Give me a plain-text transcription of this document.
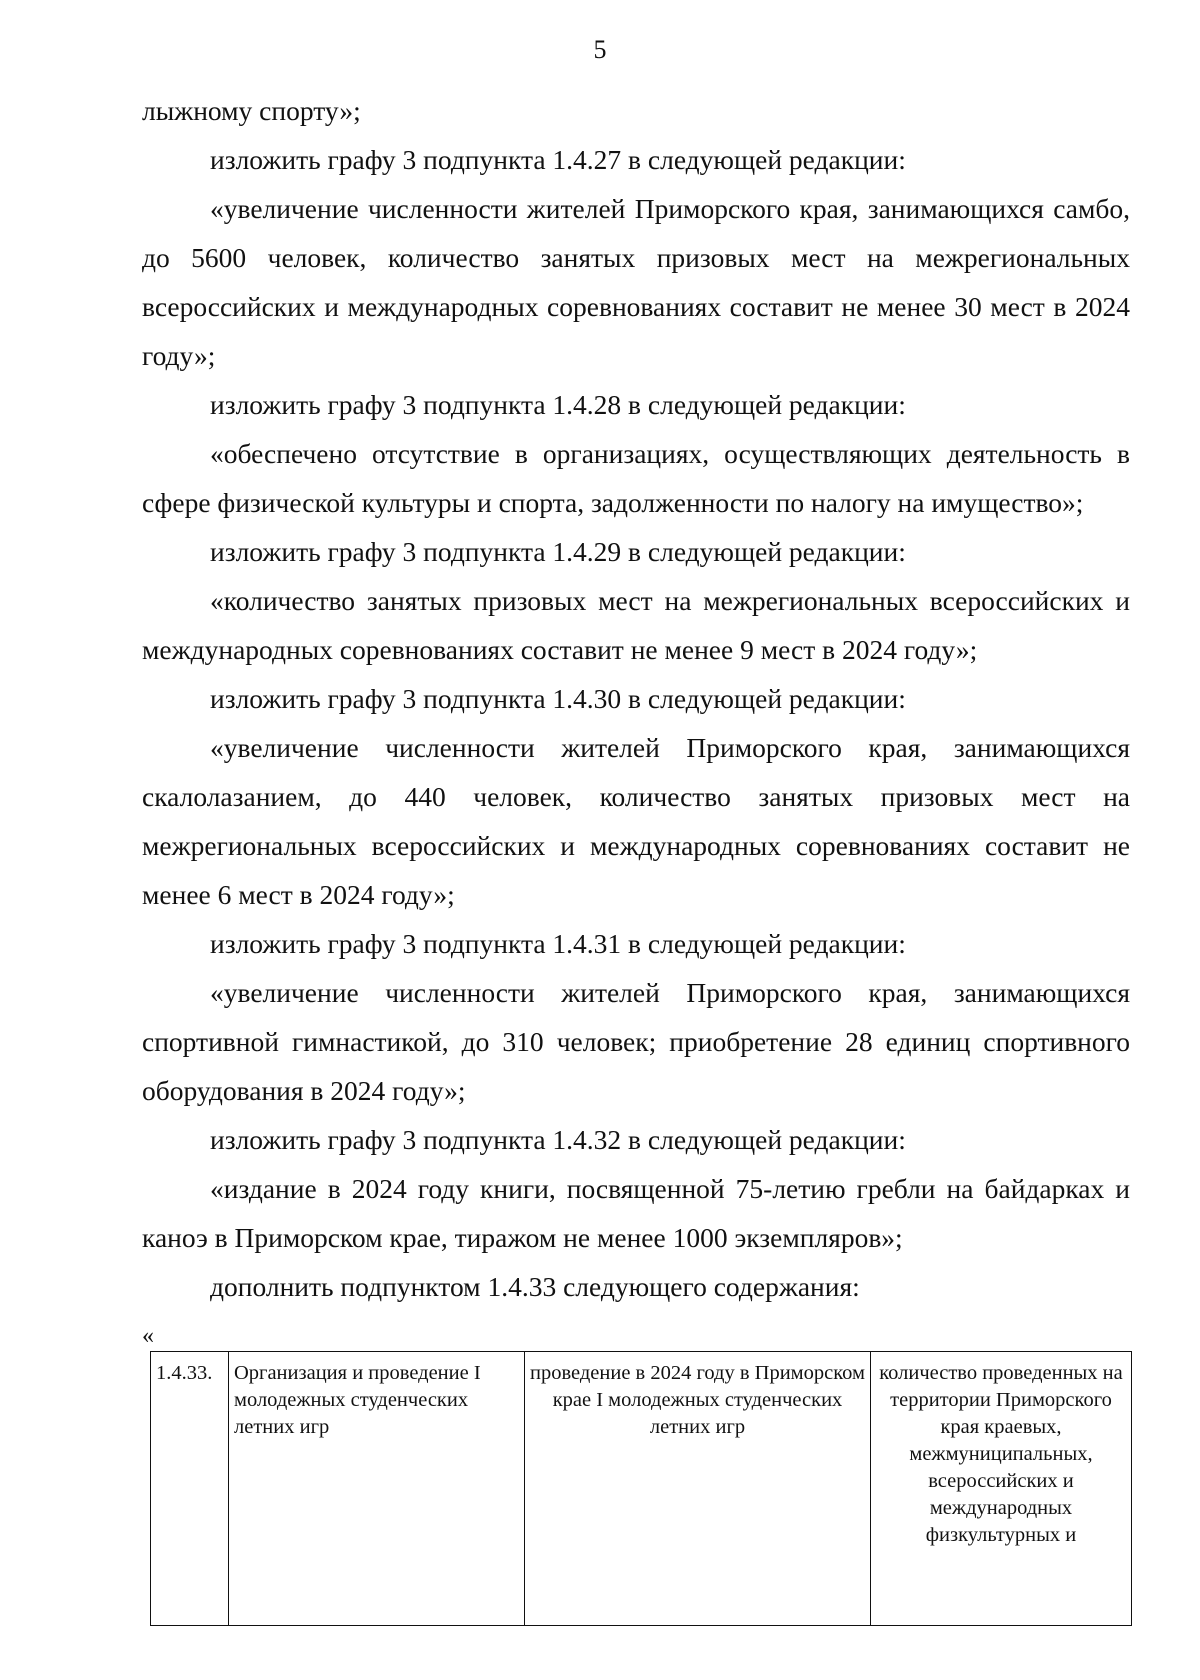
5

лыжному спорту»;

изложить графу 3 подпункта 1.4.27 в следующей редакции:

«увеличение численности жителей Приморского края, занимающихся самбо, до 5600 человек, количество занятых призовых мест на межрегиональных всероссийских и международных соревнованиях составит не менее 30 мест в 2024 году»;

изложить графу 3 подпункта 1.4.28 в следующей редакции:

«обеспечено отсутствие в организациях, осуществляющих деятельность в сфере физической культуры и спорта, задолженности по налогу на имущество»;

изложить графу 3 подпункта 1.4.29 в следующей редакции:

«количество занятых призовых мест на межрегиональных всероссийских и международных соревнованиях составит не менее 9 мест в 2024 году»;

изложить графу 3 подпункта 1.4.30 в следующей редакции:

«увеличение численности жителей Приморского края, занимающихся скалолазанием, до 440 человек, количество занятых призовых мест на межрегиональных всероссийских и международных соревнованиях составит не менее 6 мест в 2024 году»;

изложить графу 3 подпункта 1.4.31 в следующей редакции:

«увеличение численности жителей Приморского края, занимающихся спортивной гимнастикой, до 310 человек; приобретение 28 единиц спортивного оборудования в 2024 году»;

изложить графу 3 подпункта 1.4.32 в следующей редакции:

«издание в 2024 году книги, посвященной 75-летию гребли на байдарках и каноэ в Приморском крае, тиражом не менее 1000 экземпляров»;

дополнить подпунктом 1.4.33 следующего содержания:

«
1.4.33.	Организация и проведение I молодежных студенческих летних игр	проведение в 2024 году в Приморском крае I молодежных студенческих летних игр	количество проведенных на территории Приморского края краевых, межмуниципальных, всероссийских и международных физкультурных и
